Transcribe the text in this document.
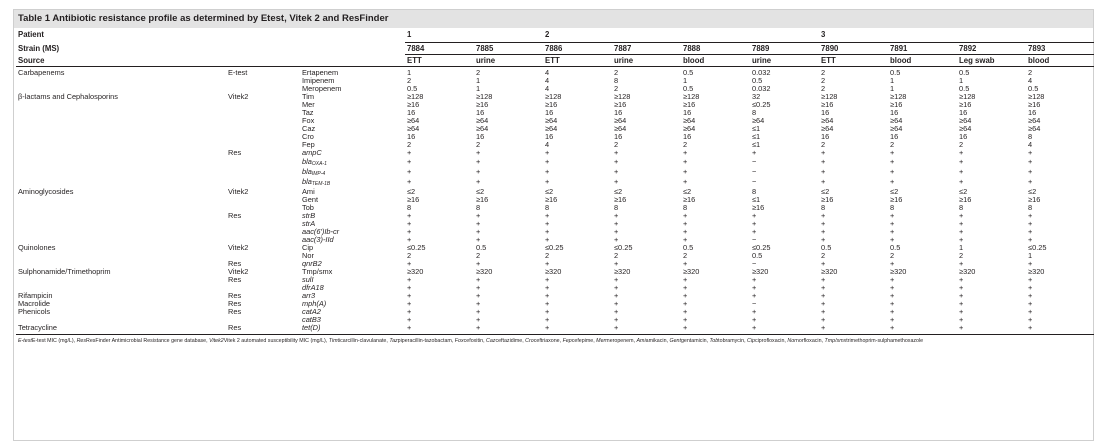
Table 1 Antibiotic resistance profile as determined by Etest, Vitek 2 and ResFinder
Patient			1		2				3			
Strain (MS)			7884	7885	7886	7887	7888	7889	7890	7891	7892	7893
Source			ETT	urine	ETT	urine	blood	urine	ETT	blood	Leg swab	blood
Carbapenems	E-test	Ertapenem	1	2	4	2	0.5	0.032	2	0.5	0.5	2
		Imipenem	2	1	4	8	1	0.5	2	1	1	4
		Meropenem	0.5	1	4	2	0.5	0.032	2	1	0.5	0.5
β-lactams and Cephalosporins	Vitek2	Tim	≥128	≥128	≥128	≥128	≥128	32	≥128	≥128	≥128	≥128
		Mer	≥16	≥16	≥16	≥16	≥16	≤0.25	≥16	≥16	≥16	≥16
		Taz	16	16	16	16	16	8	16	16	16	16
		Fox	≥64	≥64	≥64	≥64	≥64	≥64	≥64	≥64	≥64	≥64
		Caz	≥64	≥64	≥64	≥64	≥64	≤1	≥64	≥64	≥64	≥64
		Cro	16	16	16	16	16	≤1	16	16	16	8
		Fep	2	2	4	2	2	≤1	2	2	2	4
	Res	ampC	+	+	+	+	+	+	+	+	+	+
		bla$_{OXA-1}$	+	+	+	+	+	−	+	+	+	+
		bla$_{IMP-4}$	+	+	+	+	+	−	+	+	+	+
		bla$_{TEM-1B}$	+	+	+	+	+	−	+	+	+	+
Aminoglycosides	Vitek2	Ami	≤2	≤2	≤2	≤2	≤2	8	≤2	≤2	≤2	≤2
		Gent	≥16	≥16	≥16	≥16	≥16	≤1	≥16	≥16	≥16	≥16
		Tob	8	8	8	8	8	≥16	8	8	8	8
	Res	strB	+	+	+	+	+	+	+	+	+	+
		strA	+	+	+	+	+	+	+	+	+	+
		aac(6′)Ib-cr	+	+	+	+	+	+	+	+	+	+
		aac(3)-IId	+	+	+	+	+	−	+	+	+	+
Quinolones	Vitek2	Cip	≤0.25	0.5	≤0.25	≤0.25	0.5	≤0.25	0.5	0.5	1	≤0.25
		Nor	2	2	2	2	2	0.5	2	2	2	1
	Res	qnrB2	+	+	+	+	+	−	+	+	+	+
Sulphonamide/Trimethoprim	Vitek2	Tmp/smx	≥320	≥320	≥320	≥320	≥320	≥320	≥320	≥320	≥320	≥320
	Res	sulI	+	+	+	+	+	+	+	+	+	+
		dfrA18	+	+	+	+	+	+	+	+	+	+
Rifampicin	Res	arr3	+	+	+	+	+	+	+	+	+	+
Macrolide	Res	mph(A)	+	+	+	+	+	−	+	+	+	+
Phenicols	Res	catA2	+	+	+	+	+	+	+	+	+	+
		catB3	+	+	+	+	+	+	+	+	+	+
Tetracycline	Res	tet(D)	+	+	+	+	+	+	+	+	+	+
E-testE-test MIC (mg/L), ResResFinder Antimicrobial Resistance gene database, Vitek2Vitek 2 automated susceptibility MIC (mg/L), Timticarcillin-clavulanate, Tazpiperacillin-tazobactam, Foxcefoxitin, Cazceftazidime, Croceftriaxone, Fepcefepime, Mermeropenem, Amiamikacin, Gentgentamicin, Tobtobramycin, Cipciprofloxacin, Nornorfloxacin, Tmp/smxtrimethoprim-sulphamethoxazole
